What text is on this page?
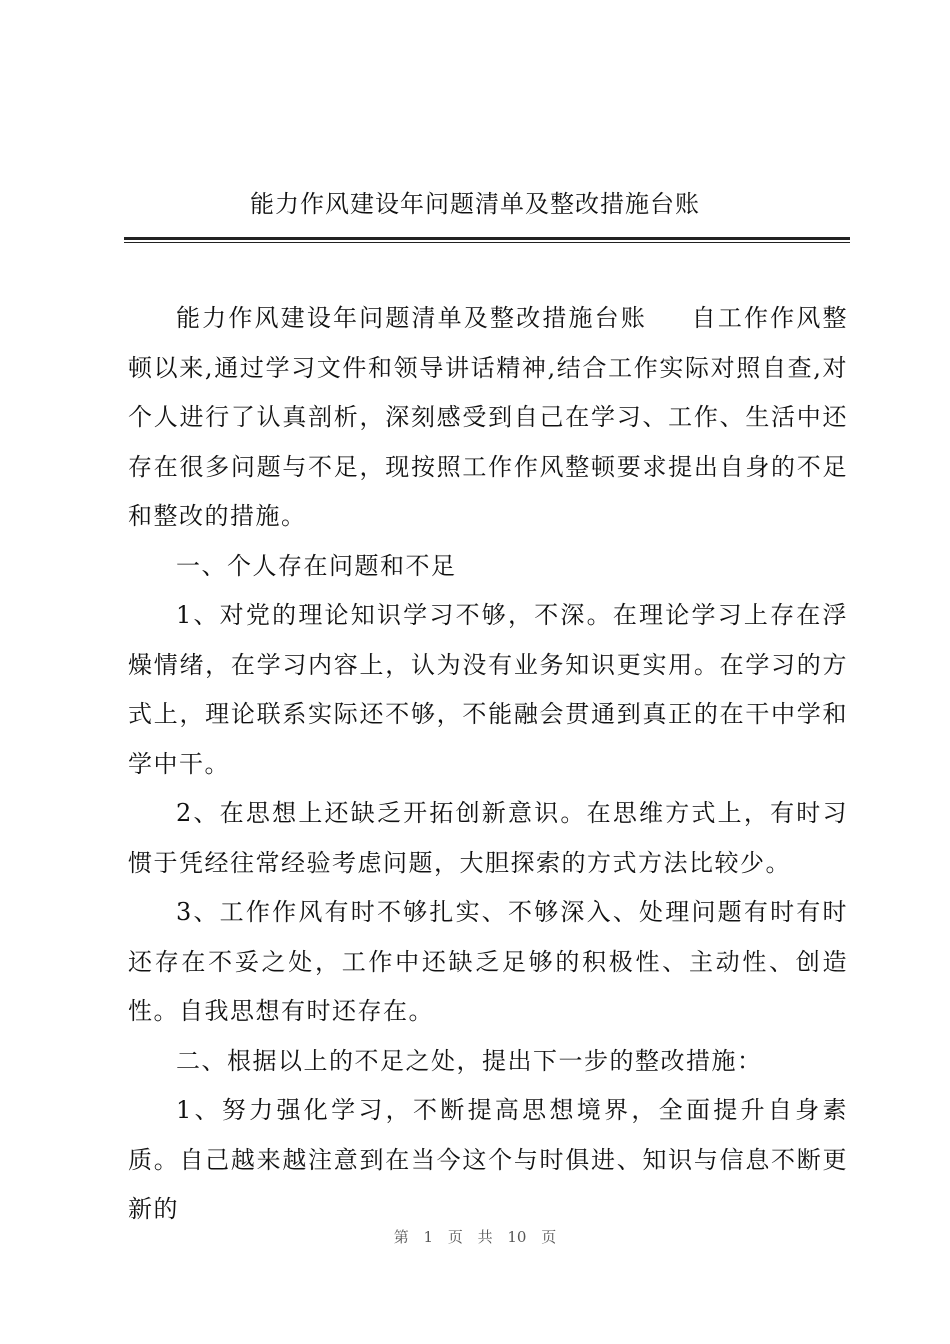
能力作风建设年问题清单及整改措施台账

能力作风建设年问题清单及整改措施台账 自工作作风整顿以来,通过学习文件和领导讲话精神,结合工作实际对照自查,对个人进行了认真剖析，深刻感受到自己在学习、工作、生活中还存在很多问题与不足，现按照工作作风整顿要求提出自身的不足和整改的措施。

一、个人存在问题和不足

1、对党的理论知识学习不够，不深。在理论学习上存在浮燥情绪，在学习内容上，认为没有业务知识更实用。在学习的方式上，理论联系实际还不够，不能融会贯通到真正的在干中学和学中干。

2、在思想上还缺乏开拓创新意识。在思维方式上，有时习惯于凭经往常经验考虑问题，大胆探索的方式方法比较少。

3、工作作风有时不够扎实、不够深入、处理问题有时有时还存在不妥之处，工作中还缺乏足够的积极性、主动性、创造性。自我思想有时还存在。

二、根据以上的不足之处，提出下一步的整改措施：

1、努力强化学习，不断提高思想境界，全面提升自身素质。自己越来越注意到在当今这个与时俱进、知识与信息不断更新的

第 1 页 共 10 页
